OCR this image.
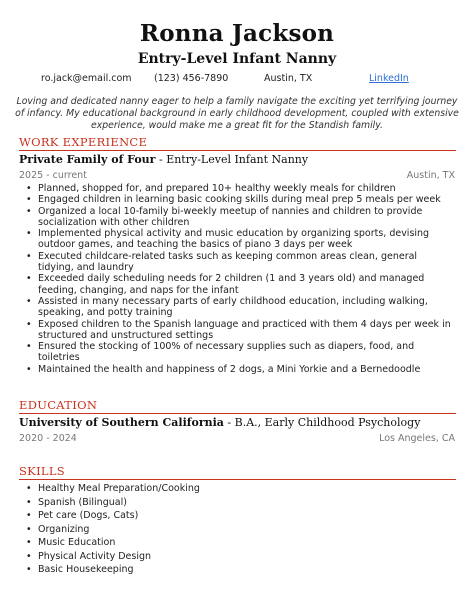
Ronna Jackson
Entry-Level Infant Nanny
ro.jack@email.com (123) 456-7890	Austin, TX	LinkedIn
Loving and dedicated nanny eager to help a family navigate the exciting yet terrifying journey of infancy. My educational background in early childhood development, coupled with extensive experience, would make me a great fit for the Standish family.
WORK EXPERIENCE
Private Family of Four - Entry-Level Infant Nanny
2025 - current	Austin, TX
• Planned, shopped for, and prepared 10+ healthy weekly meals for children
• Engaged children in learning basic cooking skills during meal prep 5 meals per week
• Organized a local 10-family bi-weekly meetup of nannies and children to provide socialization with other children
• Implemented physical activity and music education by organizing sports, devising outdoor games, and teaching the basics of piano 3 days per week
• Executed childcare-related tasks such as keeping common areas clean, general tidying, and laundry
• Exceeded daily scheduling needs for 2 children (1 and 3 years old) and managed feeding, changing, and naps for the infant
• Assisted in many necessary parts of early childhood education, including walking, speaking, and potty training
• Exposed children to the Spanish language and practiced with them 4 days per week in structured and unstructured settings
• Ensured the stocking of 100% of necessary supplies such as diapers, food, and toiletries
• Maintained the health and happiness of 2 dogs, a Mini Yorkie and a Bernedoodle
EDUCATION
University of Southern California - B.A., Early Childhood Psychology
2020 - 2024	Los Angeles, CA
SKILLS
• Healthy Meal Preparation/Cooking
• Spanish (Bilingual)
• Pet care (Dogs, Cats)
• Organizing
• Music Education
• Physical Activity Design
• Basic Housekeeping
